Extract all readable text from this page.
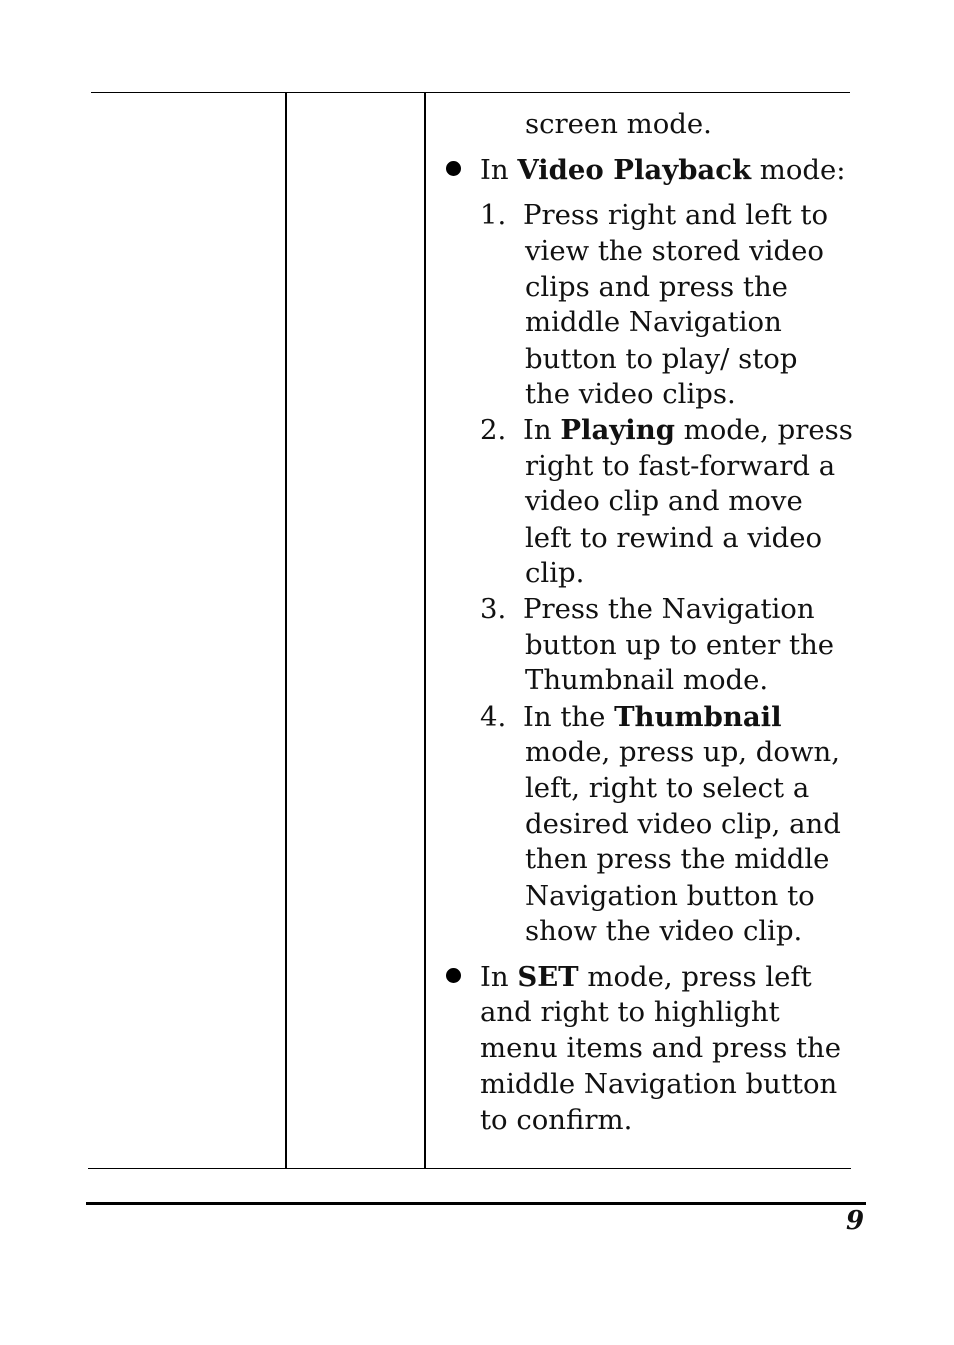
screen mode.
In Video Playback mode:
1. Press right and left to
view the stored video
clips and press the
middle Navigation
button to play/ stop
the video clips.
2. In Playing mode, press
right to fast-forward a
video clip and move
left to rewind a video
clip.
3. Press the Navigation
button up to enter the
Thumbnail mode.
4. In the Thumbnail
mode, press up, down,
left, right to select a
desired video clip, and
then press the middle
Navigation button to
show the video clip.
In SET mode, press left
and right to highlight
menu items and press the
middle Navigation button
to confirm.
9
